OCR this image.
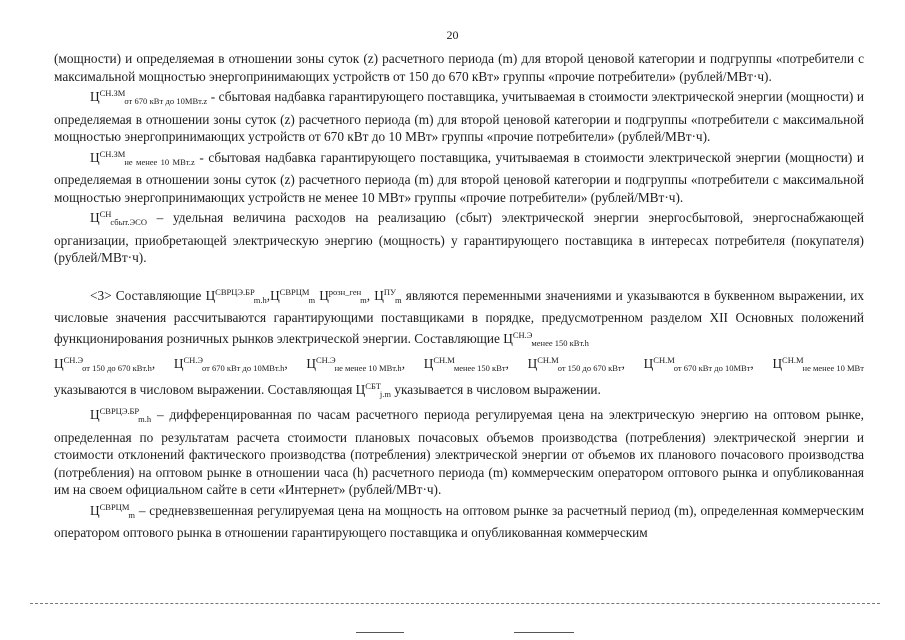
20

(мощности) и определяемая в отношении зоны суток (z) расчетного периода (m) для второй ценовой категории и подгруппы «потребители с максимальной мощностью энергопринимающих устройств от 150 до 670 кВт» группы «прочие потребители» (рублей/МВт·ч).

$Ц^{СН.ЗМ}_{от 670 кВт до 10МВт.z}$ - сбытовая надбавка гарантирующего поставщика, учитываемая в стоимости электрической энергии (мощности) и определяемая в отношении зоны суток (z) расчетного периода (m) для второй ценовой категории и подгруппы «потребители с максимальной мощностью энергопринимающих устройств от 670 кВт до 10 МВт» группы «прочие потребители» (рублей/МВт·ч).

$Ц^{СН.ЗМ}_{не менее 10 МВт.z}$ - сбытовая надбавка гарантирующего поставщика, учитываемая в стоимости электрической энергии (мощности) и определяемая в отношении зоны суток (z) расчетного периода (m) для второй ценовой категории и подгруппы «потребители с максимальной мощностью энергопринимающих устройств не менее 10 МВт» группы «прочие потребители» (рублей/МВт·ч).

$Ц^{СН}_{сбыт.ЭСО}$ – удельная величина расходов на реализацию (сбыт) электрической энергии энергосбытовой, энергоснабжающей организации, приобретающей электрическую энергию (мощность) у гарантирующего поставщика в интересах потребителя (покупателя) (рублей/МВт·ч).

<3> Составляющие $Ц^{СВРЦЭ.БР}_{m.h},Ц^{СВРЦМ}_m$ $Ц^{розн\_ген}_m$, $Ц^{ПУ}_m$ являются переменными значениями и указываются в буквенном выражении, их числовые значения рассчитываются гарантирующими поставщиками в порядке, предусмотренном разделом XII Основных положений функционирования розничных рынков электрической энергии. Составляющие $Ц^{СН.Э}_{менее 150 кВт.h}$

$Ц^{СН.Э}_{от 150 до 670 кВт.h}$, $Ц^{СН.Э}_{от 670 кВт до 10МВт.h}$, $Ц^{СН.Э}_{не менее 10 МВт.h}$, $Ц^{СН.М}_{менее 150 кВт}$, $Ц^{СН.М}_{от 150 до 670 кВт}$, $Ц^{СН.М}_{от 670 кВт до 10МВт}$, $Ц^{СН.М}_{не менее 10 МВт}$

указываются в числовом выражении. Составляющая $Ц^{СБТ}_{j.m}$ указывается в числовом выражении.

$Ц^{СВРЦЭ.БР}_{m.h}$ – дифференцированная по часам расчетного периода регулируемая цена на электрическую энергию на оптовом рынке, определенная по результатам расчета стоимости плановых почасовых объемов производства (потребления) электрической энергии и стоимости отклонений фактического производства (потребления) электрической энергии от объемов их планового почасового производства (потребления) на оптовом рынке в отношении часа (h) расчетного периода (m) коммерческим оператором оптового рынка и опубликованная им на своем официальном сайте в сети «Интернет» (рублей/МВт·ч).

$Ц^{СВРЦМ}_m$ – средневзвешенная регулируемая цена на мощность на оптовом рынке за расчетный период (m), определенная коммерческим оператором оптового рынка в отношении гарантирующего поставщика и опубликованная коммерческим
